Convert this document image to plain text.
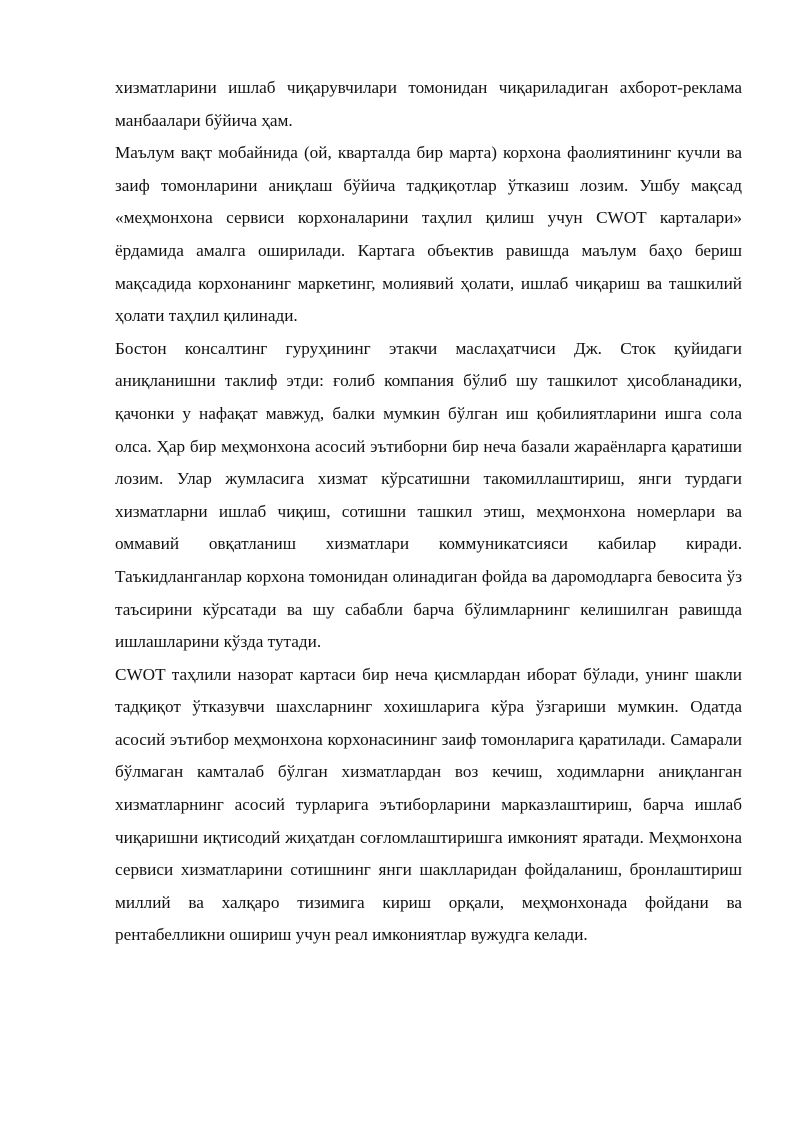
хизматларини ишлаб чиқарувчилари томонидан чиқариладиган ахборот-реклама манбаалари бўйича ҳам.

Маълум вақт мобайнида (ой, кварталда бир марта) корхона фаолиятининг кучли ва заиф томонларини аниқлаш бўйича тадқиқотлар ўтказиш лозим. Ушбу мақсад «меҳмонхона сервиси корхоналарини таҳлил қилиш учун CWOT карталари» ёрдамида амалга оширилади. Картага объектив равишда маълум баҳо бериш мақсадида корхонанинг маркетинг, молиявий ҳолати, ишлаб чиқариш ва ташкилий ҳолати таҳлил қилинади.

Бостон консалтинг гуруҳининг этакчи маслаҳатчиси Дж. Сток қуйидаги аниқланишни таклиф этди: ғолиб компания бўлиб шу ташкилот ҳисобланадики, қачонки у нафақат мавжуд, балки мумкин бўлган иш қобилиятларини ишга сола олса. Ҳар бир меҳмонхона асосий эътиборни бир неча базали жараёнларга қаратиши лозим. Улар жумласига хизмат кўрсатишни такомиллаштириш, янги турдаги хизматларни ишлаб чиқиш, сотишни ташкил этиш, меҳмонхона номерлари ва оммавий овқатланиш хизматлари коммуникатсияси кабилар киради. Таъкидланганлар корхона томонидан олинадиган фойда ва даромодларга бевосита ўз таъсирини кўрсатади ва шу сабабли барча бўлимларнинг келишилган равишда ишлашларини кўзда тутади.

CWOT таҳлили назорат картаси бир неча қисмлардан иборат бўлади, унинг шакли тадқиқот ўтказувчи шахсларнинг хохишларига кўра ўзгариши мумкин. Одатда асосий эътибор меҳмонхона корхонасининг заиф томонларига қаратилади. Самарали бўлмаган камталаб бўлган хизматлардан воз кечиш, ходимларни аниқланган хизматларнинг асосий турларига эътиборларини марказлаштириш, барча ишлаб чиқаришни иқтисодий жиҳатдан соғломлаштиришга имконият яратади. Меҳмонхона сервиси хизматларини сотишнинг янги шаклларидан фойдаланиш, бронлаштириш миллий ва халқаро тизимига кириш орқали, меҳмонхонада фойдани ва рентабелликни ошириш учун реал имкониятлар вужудга келади.
